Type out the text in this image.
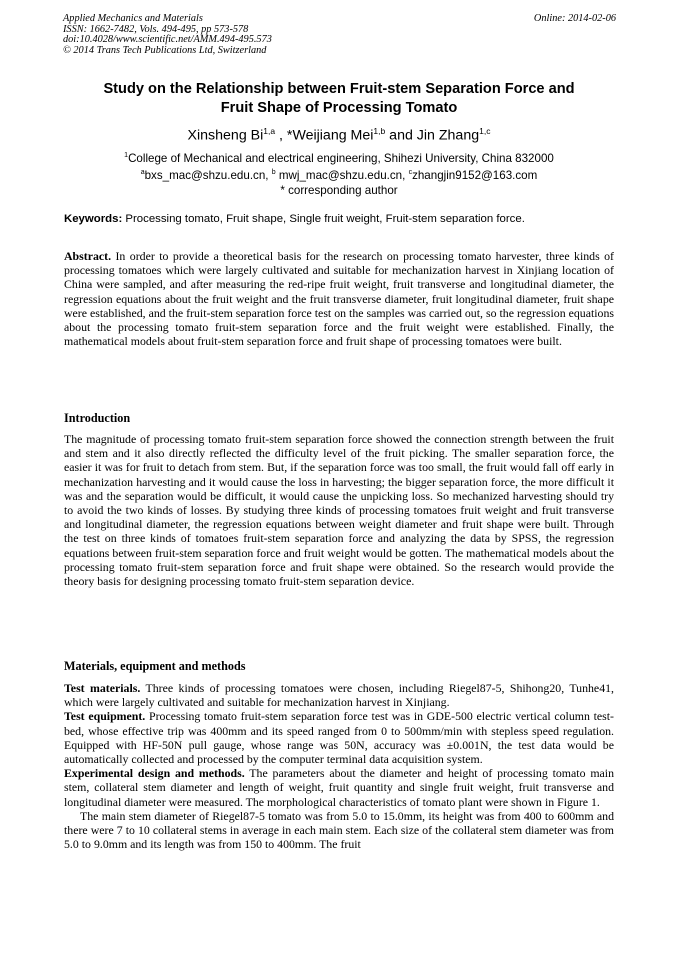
Applied Mechanics and Materials
ISSN: 1662-7482, Vols. 494-495, pp 573-578
doi:10.4028/www.scientific.net/AMM.494-495.573
© 2014 Trans Tech Publications Ltd, Switzerland
Online: 2014-02-06
Study on the Relationship between Fruit-stem Separation Force and
Fruit Shape of Processing Tomato
Xinsheng Bi$^{1,a}$ , *Weijiang Mei$^{1,b}$ and Jin Zhang$^{1,c}$
$^1$College of Mechanical and electrical engineering, Shihezi University, China 832000
$^a$bxs_mac@shzu.edu.cn, $^b$ mwj_mac@shzu.edu.cn, $^c$zhangjin9152@163.com
* corresponding author
Keywords: Processing tomato, Fruit shape, Single fruit weight, Fruit-stem separation force.

Abstract. In order to provide a theoretical basis for the research on processing tomato harvester, three kinds of processing tomatoes which were largely cultivated and suitable for mechanization harvest in Xinjiang location of China were sampled, and after measuring the red-ripe fruit weight, fruit transverse and longitudinal diameter, the regression equations about the fruit weight and the fruit transverse diameter, fruit longitudinal diameter, fruit shape were established, and the fruit-stem separation force test on the samples was carried out, so the regression equations about the processing tomato fruit-stem separation force and the fruit weight were established. Finally, the mathematical models about fruit-stem separation force and fruit shape of processing tomatoes were built.

Introduction

The magnitude of processing tomato fruit-stem separation force showed the connection strength between the fruit and stem and it also directly reflected the difficulty level of the fruit picking. The smaller separation force, the easier it was for fruit to detach from stem. But, if the separation force was too small, the fruit would fall off early in mechanization harvesting and it would cause the loss in harvesting; the bigger separation force, the more difficult it was and the separation would be difficult, it would cause the unpicking loss. So mechanized harvesting should try to avoid the two kinds of losses. By studying three kinds of processing tomatoes fruit weight and fruit transverse and longitudinal diameter, the regression equations between weight diameter and fruit shape were built. Through the test on three kinds of tomatoes fruit-stem separation force and analyzing the data by SPSS, the regression equations between fruit-stem separation force and fruit weight would be gotten. The mathematical models about the processing tomato fruit-stem separation force and fruit shape were obtained. So the research would provide the theory basis for designing processing tomato fruit-stem separation device.

Materials, equipment and methods

Test materials. Three kinds of processing tomatoes were chosen, including Riegel87-5, Shihong20, Tunhe41, which were largely cultivated and suitable for mechanization harvest in Xinjiang.

Test equipment. Processing tomato fruit-stem separation force test was in GDE-500 electric vertical column test-bed, whose effective trip was 400mm and its speed ranged from 0 to 500mm/min with stepless speed regulation. Equipped with HF-50N pull gauge, whose range was 50N, accuracy was ±0.001N, the test data would be automatically collected and processed by the computer terminal data acquisition system.

Experimental design and methods. The parameters about the diameter and height of processing tomato main stem, collateral stem diameter and length of weight, fruit quantity and single fruit weight, fruit transverse and longitudinal diameter were measured. The morphological characteristics of tomato plant were shown in Figure 1.

The main stem diameter of Riegel87-5 tomato was from 5.0 to 15.0mm, its height was from 400 to 600mm and there were 7 to 10 collateral stems in average in each main stem. Each size of the collateral stem diameter was from 5.0 to 9.0mm and its length was from 150 to 400mm. The fruit
